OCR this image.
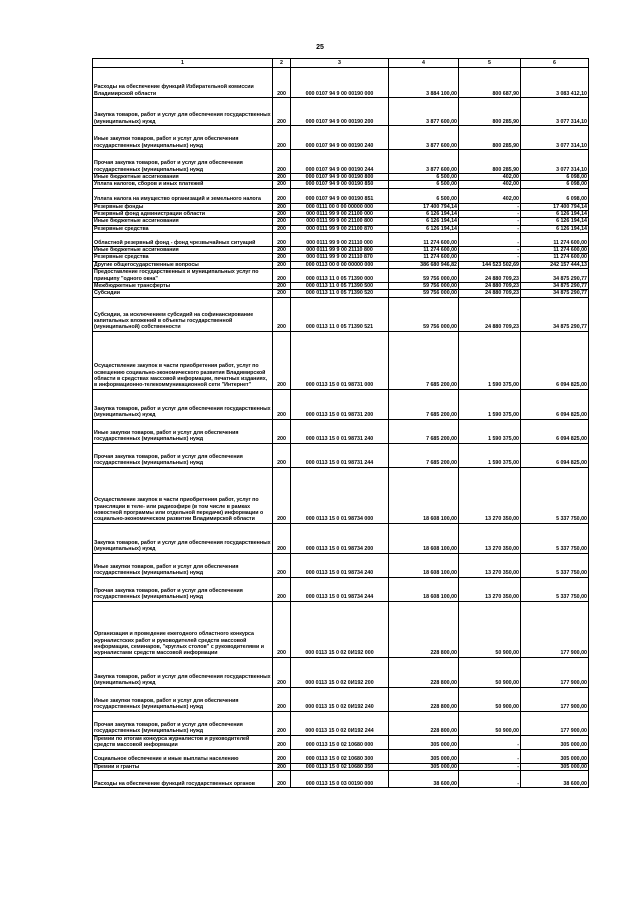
25
1	2	3	4	5	6
Расходы на обеспечение функций Избирательной комиссии Владимирской области	200	000 0107 94 9 00 00190 000	3 884 100,00	800 687,90	3 083 412,10
Закупка товаров, работ и услуг для обеспечения государственных (муниципальных) нужд	200	000 0107 94 9 00 00190 200	3 877 600,00	800 285,90	3 077 314,10
Иные закупки товаров, работ и услуг для обеспечения государственных (муниципальных) нужд	200	000 0107 94 9 00 00190 240	3 877 600,00	800 285,90	3 077 314,10
Прочая закупка товаров, работ и услуг для обеспечения государственных (муниципальных) нужд	200	000 0107 94 9 00 00190 244	3 877 600,00	800 285,90	3 077 314,10
Иные бюджетные ассигнования	200	000 0107 94 9 00 00190 800	6 500,00	402,00	6 098,00
Уплата налогов, сборов и иных платежей	200	000 0107 94 9 00 00190 850	6 500,00	402,00	6 098,00
Уплата налога на имущество организаций и земельного налога	200	000 0107 94 9 00 00190 851	6 500,00	402,00	6 098,00
Резервные фонды	200	000 0111 00 0 00 00000 000	17 400 794,14	-	17 400 794,14
Резервный фонд администрации области	200	000 0111 99 9 00 21100 000	6 126 194,14	-	6 126 194,14
Иные бюджетные ассигнования	200	000 0111 99 9 00 21100 800	6 126 194,14	-	6 126 194,14
Резервные средства	200	000 0111 99 9 00 21100 870	6 126 194,14	-	6 126 194,14
Областной резервный фонд - фонд чрезвычайных ситуаций	200	000 0111 99 9 00 21110 000	11 274 600,00	-	11 274 600,00
Иные бюджетные ассигнования	200	000 0111 99 9 00 21110 800	11 274 600,00	-	11 274 600,00
Резервные средства	200	000 0111 99 9 00 21110 870	11 274 600,00	-	11 274 600,00
Другие общегосударственные вопросы	200	000 0113 00 0 00 00000 000	386 680 946,82	144 523 502,69	242 157 444,13
Предоставление государственных и муниципальных услуг по принципу "одного окна"	200	000 0113 11 0 05 71390 000	59 756 000,00	24 880 709,23	34 875 290,77
Межбюджетные трансферты	200	000 0113 11 0 05 71390 500	59 756 000,00	24 880 709,23	34 875 290,77
Субсидии	200	000 0113 11 0 05 71390 520	59 756 000,00	24 880 709,23	34 875 290,77
Субсидии, за исключением субсидий на софинансирование капитальных вложений в объекты государственной (муниципальной) собственности	200	000 0113 11 0 05 71390 521	59 756 000,00	24 880 709,23	34 875 290,77
Осуществление закупок в части приобретения работ, услуг по освещению социально-экономического развития Владимирской области в средствах массовой информации, печатных изданиях, в информационно-телекоммуникационной сети "Интернет"	200	000 0113 15 0 01 98731 000	7 685 200,00	1 590 375,00	6 094 825,00
Закупка товаров, работ и услуг для обеспечения государственных (муниципальных) нужд	200	000 0113 15 0 01 98731 200	7 685 200,00	1 590 375,00	6 094 825,00
Иные закупки товаров, работ и услуг для обеспечения государственных (муниципальных) нужд	200	000 0113 15 0 01 98731 240	7 685 200,00	1 590 375,00	6 094 825,00
Прочая закупка товаров, работ и услуг для обеспечения государственных (муниципальных) нужд	200	000 0113 15 0 01 98731 244	7 685 200,00	1 590 375,00	6 094 825,00
Осуществление закупок в части приобретения работ, услуг по трансляции в теле- или радиоэфире (в том числе в рамках новостной программы или отдельной передачи) информации о социально-экономическом развитии Владимирской области	200	000 0113 15 0 01 98734 000	18 608 100,00	13 270 350,00	5 337 750,00
Закупка товаров, работ и услуг для обеспечения государственных (муниципальных) нужд	200	000 0113 15 0 01 98734 200	18 608 100,00	13 270 350,00	5 337 750,00
Иные закупки товаров, работ и услуг для обеспечения государственных (муниципальных) нужд	200	000 0113 15 0 01 98734 240	18 608 100,00	13 270 350,00	5 337 750,00
Прочая закупка товаров, работ и услуг для обеспечения государственных (муниципальных) нужд	200	000 0113 15 0 01 98734 244	18 608 100,00	13 270 350,00	5 337 750,00
Организация и проведение ежегодного областного конкурса журналистских работ и руководителей средств массовой информации, семинаров, "круглых столов" с руководителями и журналистами средств массовой информации	200	000 0113 15 0 02 0И192 000	228 800,00	50 900,00	177 900,00
Закупка товаров, работ и услуг для обеспечения государственных (муниципальных) нужд	200	000 0113 15 0 02 0И192 200	228 800,00	50 900,00	177 900,00
Иные закупки товаров, работ и услуг для обеспечения государственных (муниципальных) нужд	200	000 0113 15 0 02 0И192 240	228 800,00	50 900,00	177 900,00
Прочая закупка товаров, работ и услуг для обеспечения государственных (муниципальных) нужд	200	000 0113 15 0 02 0И192 244	228 800,00	50 900,00	177 900,00
Премии по итогам конкурса журналистов и руководителей средств массовой информации	200	000 0113 15 0 02 10680 000	305 000,00	-	305 000,00
Социальное обеспечение и иные выплаты населению	200	000 0113 15 0 02 10680 300	305 000,00	-	305 000,00
Премии и гранты	200	000 0113 15 0 02 10680 350	305 000,00	-	305 000,00
Расходы на обеспечение функций государственных органов	200	000 0113 15 0 03 00190 000	38 600,00	-	38 600,00
